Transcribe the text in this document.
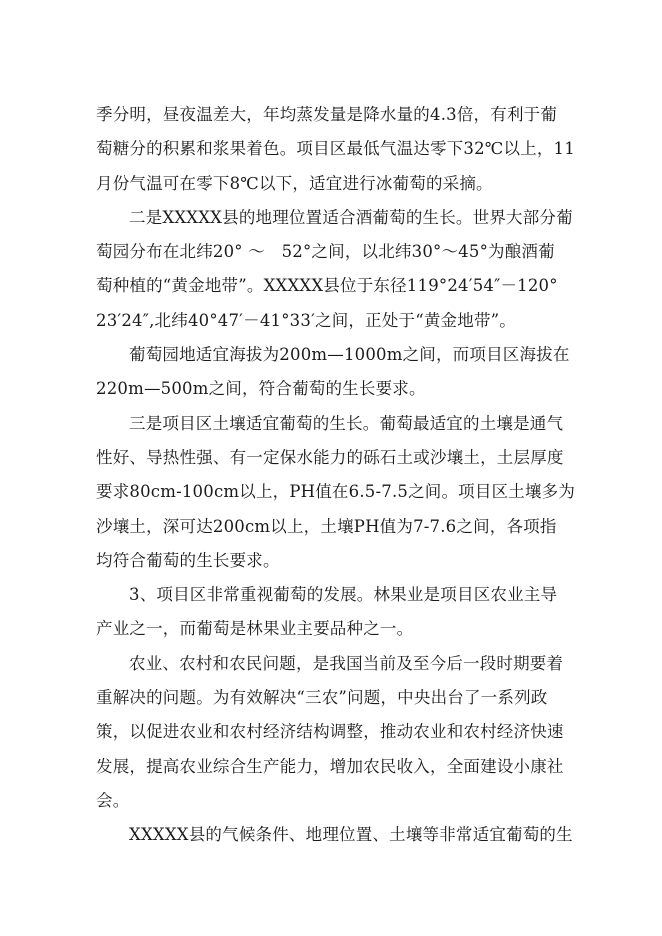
季分明，昼夜温差大，年均蒸发量是降水量的4.3倍，有利于葡
萄糖分的积累和浆果着色。项目区最低气温达零下32℃以上，11
月份气温可在零下8℃以下，适宜进行冰葡萄的采摘。
二是XXXXX县的地理位置适合酒葡萄的生长。世界大部分葡
萄园分布在北纬20° ～　52°之间，以北纬30°～45°为酿酒葡
萄种植的“黄金地带”。XXXXX县位于东径119°24′54″－120°
23′24″,北纬40°47′－41°33′之间，正处于“黄金地带”。
葡萄园地适宜海拔为200m—1000m之间，而项目区海拔在
220m—500m之间，符合葡萄的生长要求。
三是项目区土壤适宜葡萄的生长。葡萄最适宜的土壤是通气
性好、导热性强、有一定保水能力的砾石土或沙壤土，土层厚度
要求80cm-100cm以上，PH值在6.5-7.5之间。项目区土壤多为
沙壤土，深可达200cm以上，土壤PH值为7-7.6之间，各项指
均符合葡萄的生长要求。
3、项目区非常重视葡萄的发展。林果业是项目区农业主导
产业之一，而葡萄是林果业主要品种之一。
农业、农村和农民问题，是我国当前及至今后一段时期要着
重解决的问题。为有效解决“三农”问题，中央出台了一系列政
策，以促进农业和农村经济结构调整，推动农业和农村经济快速
发展，提高农业综合生产能力，增加农民收入，全面建设小康社
会。
XXXXX县的气候条件、地理位置、土壤等非常适宜葡萄的生
